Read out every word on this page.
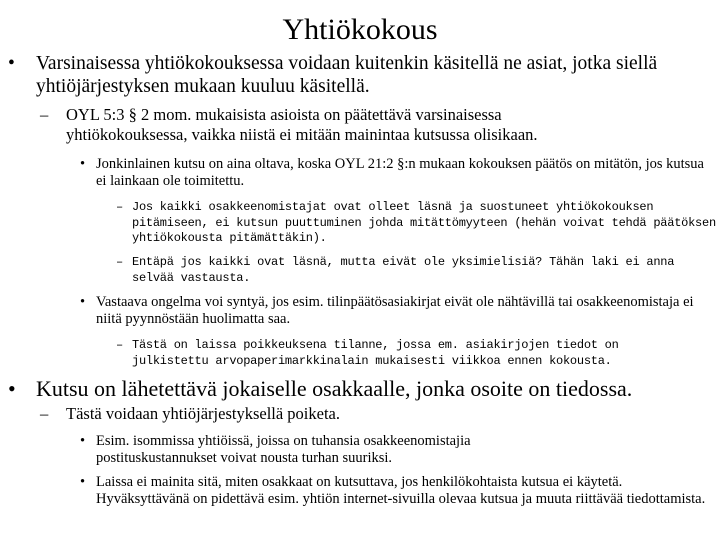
Yhtiökokous
• Varsinaisessa yhtiökokouksessa voidaan kuitenkin käsitellä ne asiat, jotka siellä yhtiöjärjestyksen mukaan kuuluu käsitellä.
– OYL 5:3 § 2 mom. mukaisista asioista on päätettävä varsinaisessa yhtiökokouksessa, vaikka niistä ei mitään mainintaa kutsussa olisikaan.
• Jonkinlainen kutsu on aina oltava, koska OYL 21:2 §:n mukaan kokouksen päätös on mitätön, jos kutsua ei lainkaan ole toimitettu.
– Jos kaikki osakkeenomistajat ovat olleet läsnä ja suostuneet yhtiökokouksen pitämiseen, ei kutsun puuttuminen johda mitättömyyteen (hehän voivat tehdä päätöksen yhtiökokousta pitämättäkin).
– Entäpä jos kaikki ovat läsnä, mutta eivät ole yksimielisiä? Tähän laki ei anna selvää vastausta.
• Vastaava ongelma voi syntyä, jos esim. tilinpäätösasiakirjat eivät ole nähtävillä tai osakkeenomistaja ei niitä pyynnöstään huolimatta saa.
– Tästä on laissa poikkeuksena tilanne, jossa em. asiakirjojen tiedot on julkistettu arvopaperimarkkinalain mukaisesti viikkoa ennen kokousta.
• Kutsu on lähetettävä jokaiselle osakkaalle, jonka osoite on tiedossa.
– Tästä voidaan yhtiöjärjestyksellä poiketa.
• Esim. isommissa yhtiöissä, joissa on tuhansia osakkeenomistajia postituskustannukset voivat nousta turhan suuriksi.
• Laissa ei mainita sitä, miten osakkaat on kutsuttava, jos henkilökohtaista kutsua ei käytetä. Hyväksyttävänä on pidettävä esim. yhtiön internet-sivuilla olevaa kutsua ja muuta riittävää tiedottamista.
